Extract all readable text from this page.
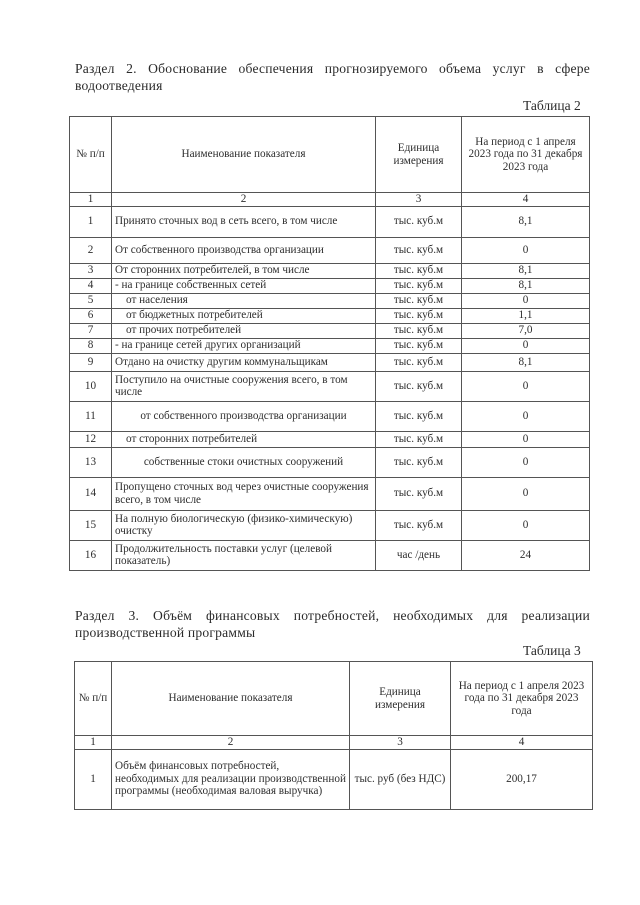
Раздел 2. Обоснование обеспечения прогнозируемого объема услуг в сфере водоотведения
Таблица 2
№ п/п	Наименование показателя	Единица измерения	На период с 1 апреля 2023 года по 31 декабря 2023 года
1	2	3	4
1	Принято сточных вод в сеть всего, в том числе	тыс. куб.м	8,1
2	От собственного производства организации	тыс. куб.м	0
3	От сторонних потребителей, в том числе	тыс. куб.м	8,1
4	- на границе собственных сетей	тыс. куб.м	8,1
5	от населения	тыс. куб.м	0
6	от бюджетных потребителей	тыс. куб.м	1,1
7	от прочих потребителей	тыс. куб.м	7,0
8	- на границе сетей других организаций	тыс. куб.м	0
9	Отдано на очистку другим коммунальщикам	тыс. куб.м	8,1
10	Поступило на очистные сооружения всего, в том числе	тыс. куб.м	0
11	от собственного производства организации	тыс. куб.м	0
12	от сторонних потребителей	тыс. куб.м	0
13	собственные стоки очистных сооружений	тыс. куб.м	0
14	Пропущено сточных вод через очистные сооружения всего, в том числе	тыс. куб.м	0
15	На полную биологическую (физико-химическую) очистку	тыс. куб.м	0
16	Продолжительность поставки услуг (целевой показатель)	час /день	24
Раздел 3. Объём финансовых потребностей, необходимых для реализации производственной программы
Таблица 3
№ п/п	Наименование показателя	Единица измерения	На период с 1 апреля 2023 года по 31 декабря 2023 года
1	2	3	4
1	Объём финансовых потребностей, необходимых для реализации производственной программы (необходимая валовая выручка)	тыс. руб (без НДС)	200,17
